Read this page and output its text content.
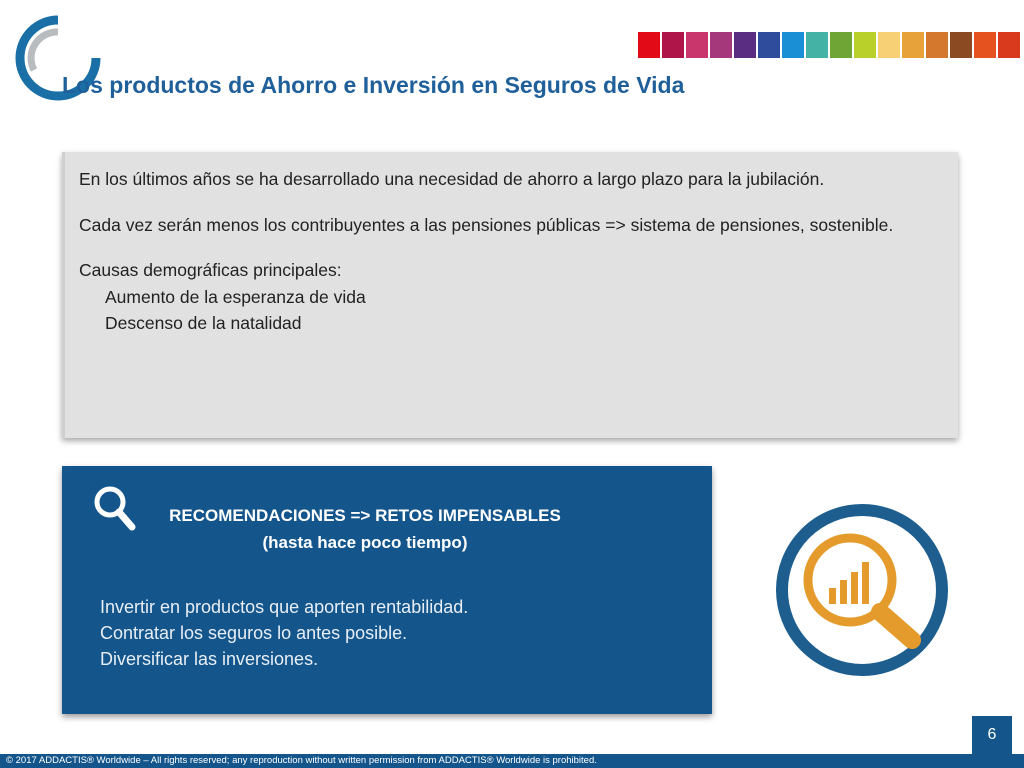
Los productos de Ahorro e Inversión en Seguros de Vida

En los últimos años se ha desarrollado una necesidad de ahorro a largo plazo para la jubilación.

Cada vez serán menos los contribuyentes a las pensiones públicas => sistema de pensiones, sostenible.

Causas demográficas principales:

Aumento de la esperanza de vida
Descenso de la natalidad
RECOMENDACIONES => RETOS IMPENSABLES
(hasta hace poco tiempo)
Invertir en productos que aporten rentabilidad.
Contratar los seguros lo antes posible.
Diversificar las inversiones.
6
© 2017 ADDACTIS® Worldwide – All rights reserved; any reproduction without written permission from ADDACTIS® Worldwide is prohibited.
